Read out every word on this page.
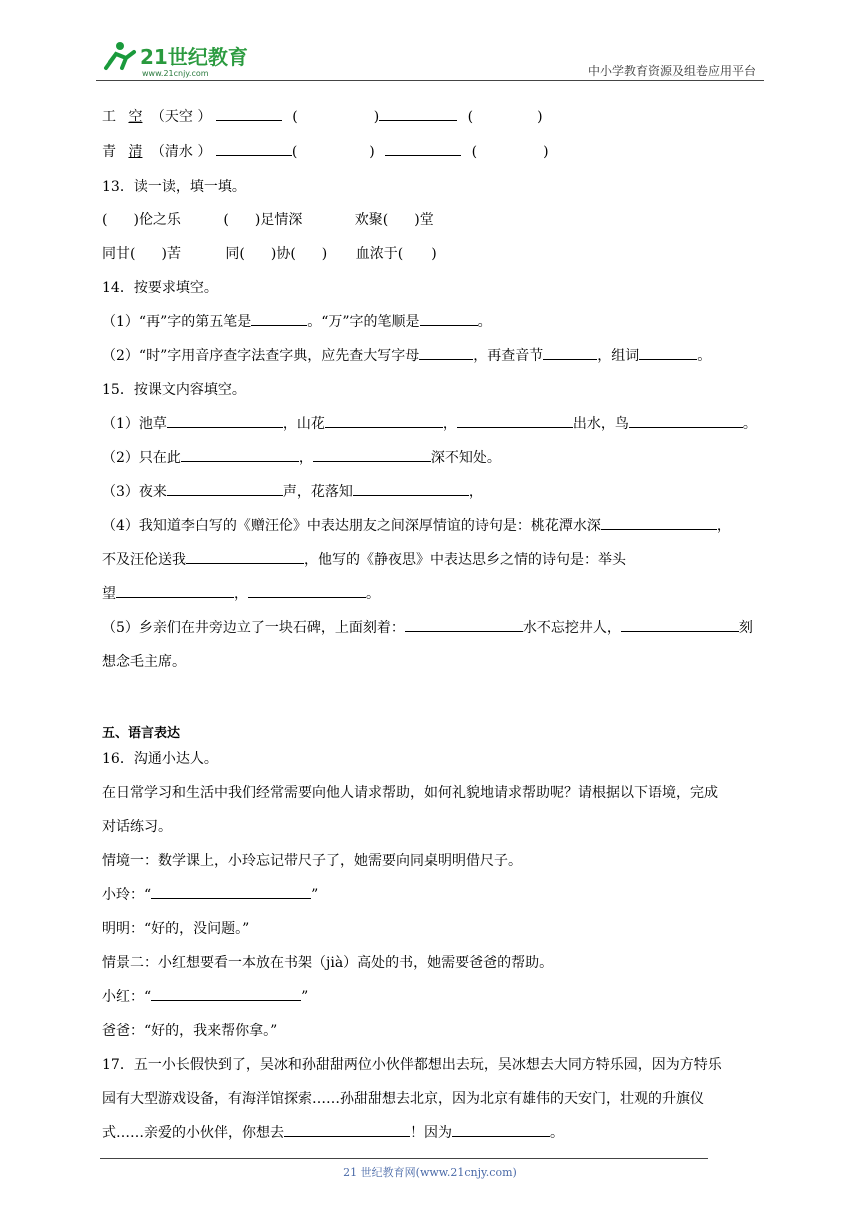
21世纪教育
www.21cnjy.com	中小学教育资源及组卷应用平台
工 空 （天空 ）	(	)	(	)
青 清 （清水 ）	(	)	(	)
13．读一读，填一填。
( )伦之乐	( )足情深	欢聚( )堂
同甘( )苦	同( )协( ) 血浓于( )
14．按要求填空。
（1）“再”字的第五笔是	。“万”字的笔顺是	。
（2）“时”字用音序查字法查字典，应先查大写字母	，再查音节	，组词	。
15．按课文内容填空。
（1）池草	，山花	，	出水，鸟	。
（2）只在此	，	深不知处。
（3）夜来	声，花落知	，
（4）我知道李白写的《赠汪伦》中表达朋友之间深厚情谊的诗句是：桃花潭水深	，
不及汪伦送我	，他写的《静夜思》中表达思乡之情的诗句是：举头
望	，	。
（5）乡亲们在井旁边立了一块石碑，上面刻着：	水不忘挖井人，	刻
想念毛主席。
五、语言表达
16．沟通小达人。
在日常学习和生活中我们经常需要向他人请求帮助，如何礼貌地请求帮助呢？请根据以下语境，完成
对话练习。
情境一：数学课上，小玲忘记带尺子了，她需要向同桌明明借尺子。
小玲：“	”
明明：“好的，没问题。”
情景二：小红想要看一本放在书架（jià）高处的书，她需要爸爸的帮助。
小红：“	”
爸爸：“好的，我来帮你拿。”
17．五一小长假快到了，吴冰和孙甜甜两位小伙伴都想出去玩，吴冰想去大同方特乐园，因为方特乐
园有大型游戏设备，有海洋馆探索……孙甜甜想去北京，因为北京有雄伟的天安门，壮观的升旗仪
式……亲爱的小伙伴，你想去	！因为	。
21 世纪教育网(www.21cnjy.com)
